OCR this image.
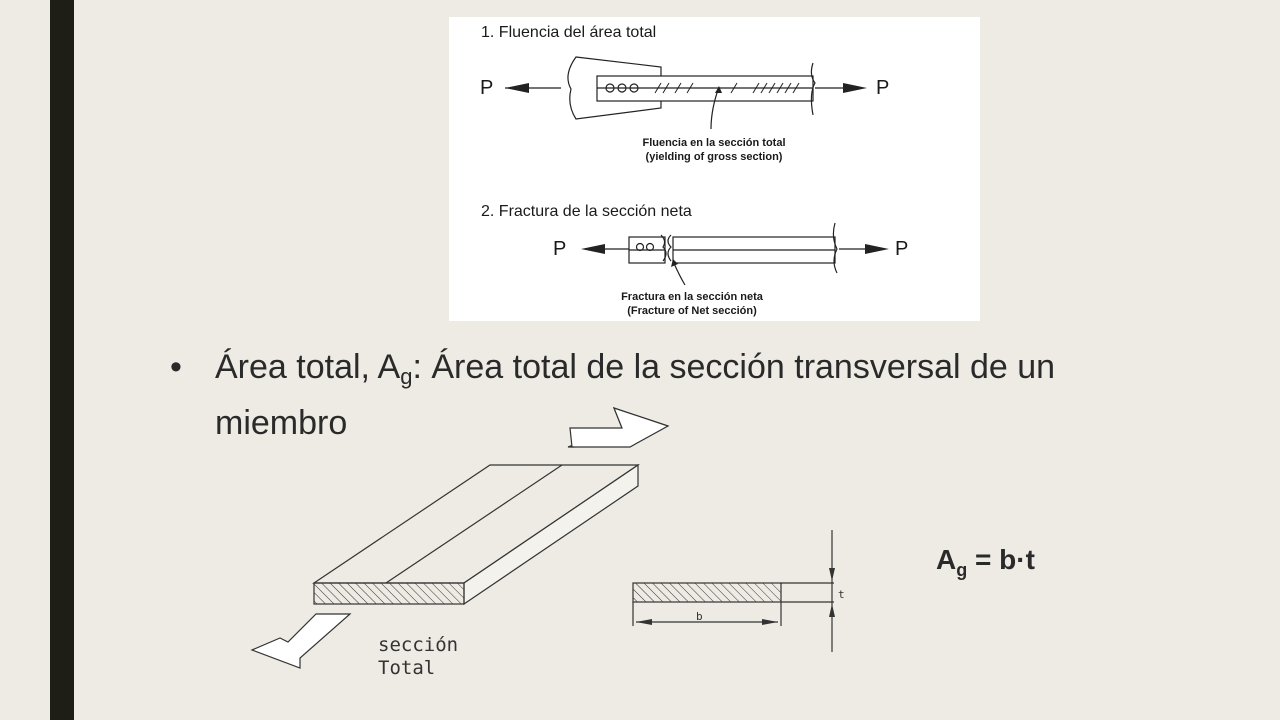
1. Fluencia del área total
P	P
Fluencia en la sección total
(yielding of gross section)
2. Fractura de la sección neta
P	P
Fractura en la sección neta
(Fracture of Net sección)
• Área total, $A_g$: Área total de la sección transversal de un miembro
sección
Total
b
t
$A_g = b\cdot t$
